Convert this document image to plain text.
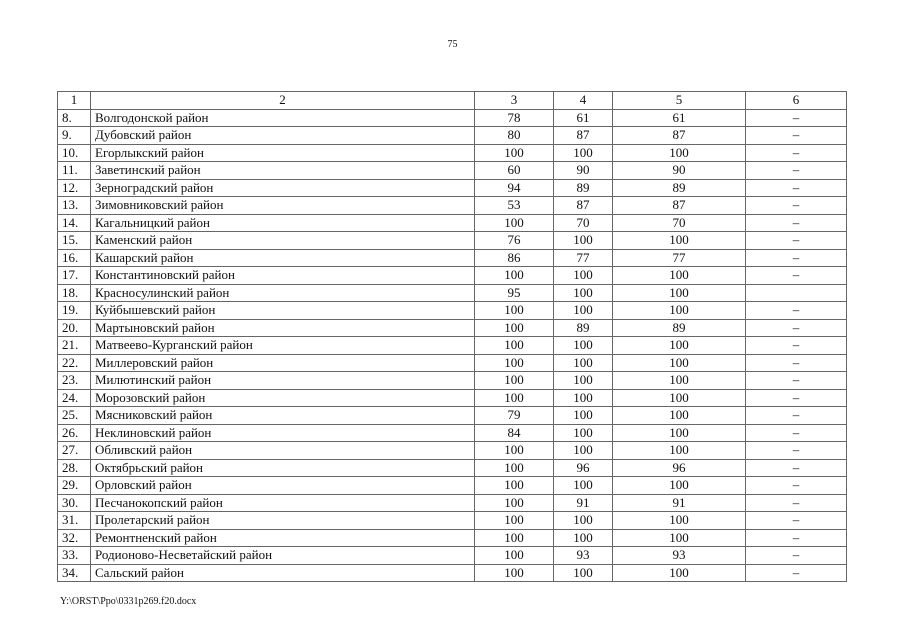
75
1	2	3	4	5	6
8.	Волгодонской район	78	61	61	–
9.	Дубовский район	80	87	87	–
10.	Егорлыкский район	100	100	100	–
11.	Заветинский район	60	90	90	–
12.	Зерноградский район	94	89	89	–
13.	Зимовниковский район	53	87	87	–
14.	Кагальницкий район	100	70	70	–
15.	Каменский район	76	100	100	–
16.	Кашарский район	86	77	77	–
17.	Константиновский район	100	100	100	–
18.	Красносулинский район	95	100	100	
19.	Куйбышевский район	100	100	100	–
20.	Мартыновский район	100	89	89	–
21.	Матвеево-Курганский район	100	100	100	–
22.	Миллеровский район	100	100	100	–
23.	Милютинский район	100	100	100	–
24.	Морозовский район	100	100	100	–
25.	Мясниковский район	79	100	100	–
26.	Неклиновский район	84	100	100	–
27.	Обливский район	100	100	100	–
28.	Октябрьский район	100	96	96	–
29.	Орловский район	100	100	100	–
30.	Песчанокопский район	100	91	91	–
31.	Пролетарский район	100	100	100	–
32.	Ремонтненский район	100	100	100	–
33.	Родионово-Несветайский район	100	93	93	–
34.	Сальский район	100	100	100	–
Y:\ORST\Ppo\0331p269.f20.docx
